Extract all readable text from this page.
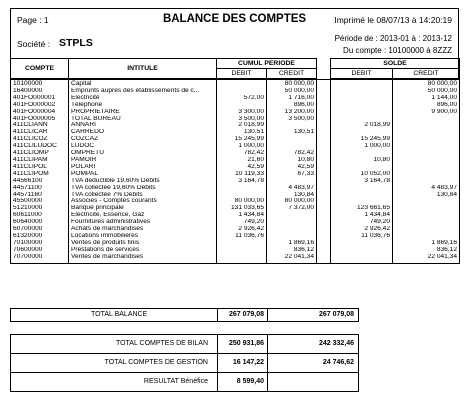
Page : 1	BALANCE DES COMPTES	Imprimé le 08/07/13 à 14:20:19
Société : STPLS	Période de : 2013-01 à : 2013-12
Du compte : 10100000 à 8ZZZ
COMPTE	INTITULE	CUMUL PERIODE			SOLDE	
		DEBIT	CREDIT		DEBIT	CREDIT
10100000	Capital		80 000,00			80 000,00
16400000	Emprunts auprès des établissements de c...		50 000,00			50 000,00
401FO000001	Electricité	572,00	1 716,00			1 144,00
401FO000002	Téléphone		896,00			896,00
401FO000004	PROPRIETAIRE	3 300,00	13 200,00			9 900,00
401FO000005	TOTAL BUREAU	3 500,00	3 500,00			
411CLIANN	ANNARI	2 018,99			2 018,99	
411CLICAR	CARREDO	130,51	130,51			
411CLICOZ	COZCAZ	15 245,99			15 245,99	
411CLILUDOC	LUDOC	1 000,00			1 000,00	
411CLIOMP	OMPRETU	782,42	782,42			
411CLIPAM	PAMOIR	21,60	10,80		10,80	
411CLIPOL	POLARI	42,59	42,59			
411CLIPOM	POMPAL	10 119,33	67,33		10 052,00	
44566100	TVA déductible 19,60% Débits	3 164,78			3 164,78	
44571100	TVA collectée 19,60% Débits		4 483,97			4 483,97
44571160	TVA collectée 7% Débits		130,84			130,84
45500000	Associés - Comptes courants	80 000,00	80 000,00			
51210000	Banque principale	131 033,65	7 372,00		123 661,65	
60611000	Electricité, Essence, Gaz	1 434,84			1 434,84	
60640000	Fournitures administratives	749,20			749,20	
60700000	Achats de marchandises	2 926,42			2 926,42	
61320000	Locations immobilières	11 036,76			11 036,76	
70100000	Ventes de produits finis		1 869,16			1 869,16
70600000	Prestations de services		836,12			836,12
70700000	Ventes de marchandises		22 041,34			22 041,34
TOTAL BALANCE	267 079,08	267 079,08
TOTAL COMPTES DE BILAN	250 931,86	242 332,46
TOTAL COMPTES DE GESTION	16 147,22	24 746,62
RESULTAT Bénéfice	8 599,40
